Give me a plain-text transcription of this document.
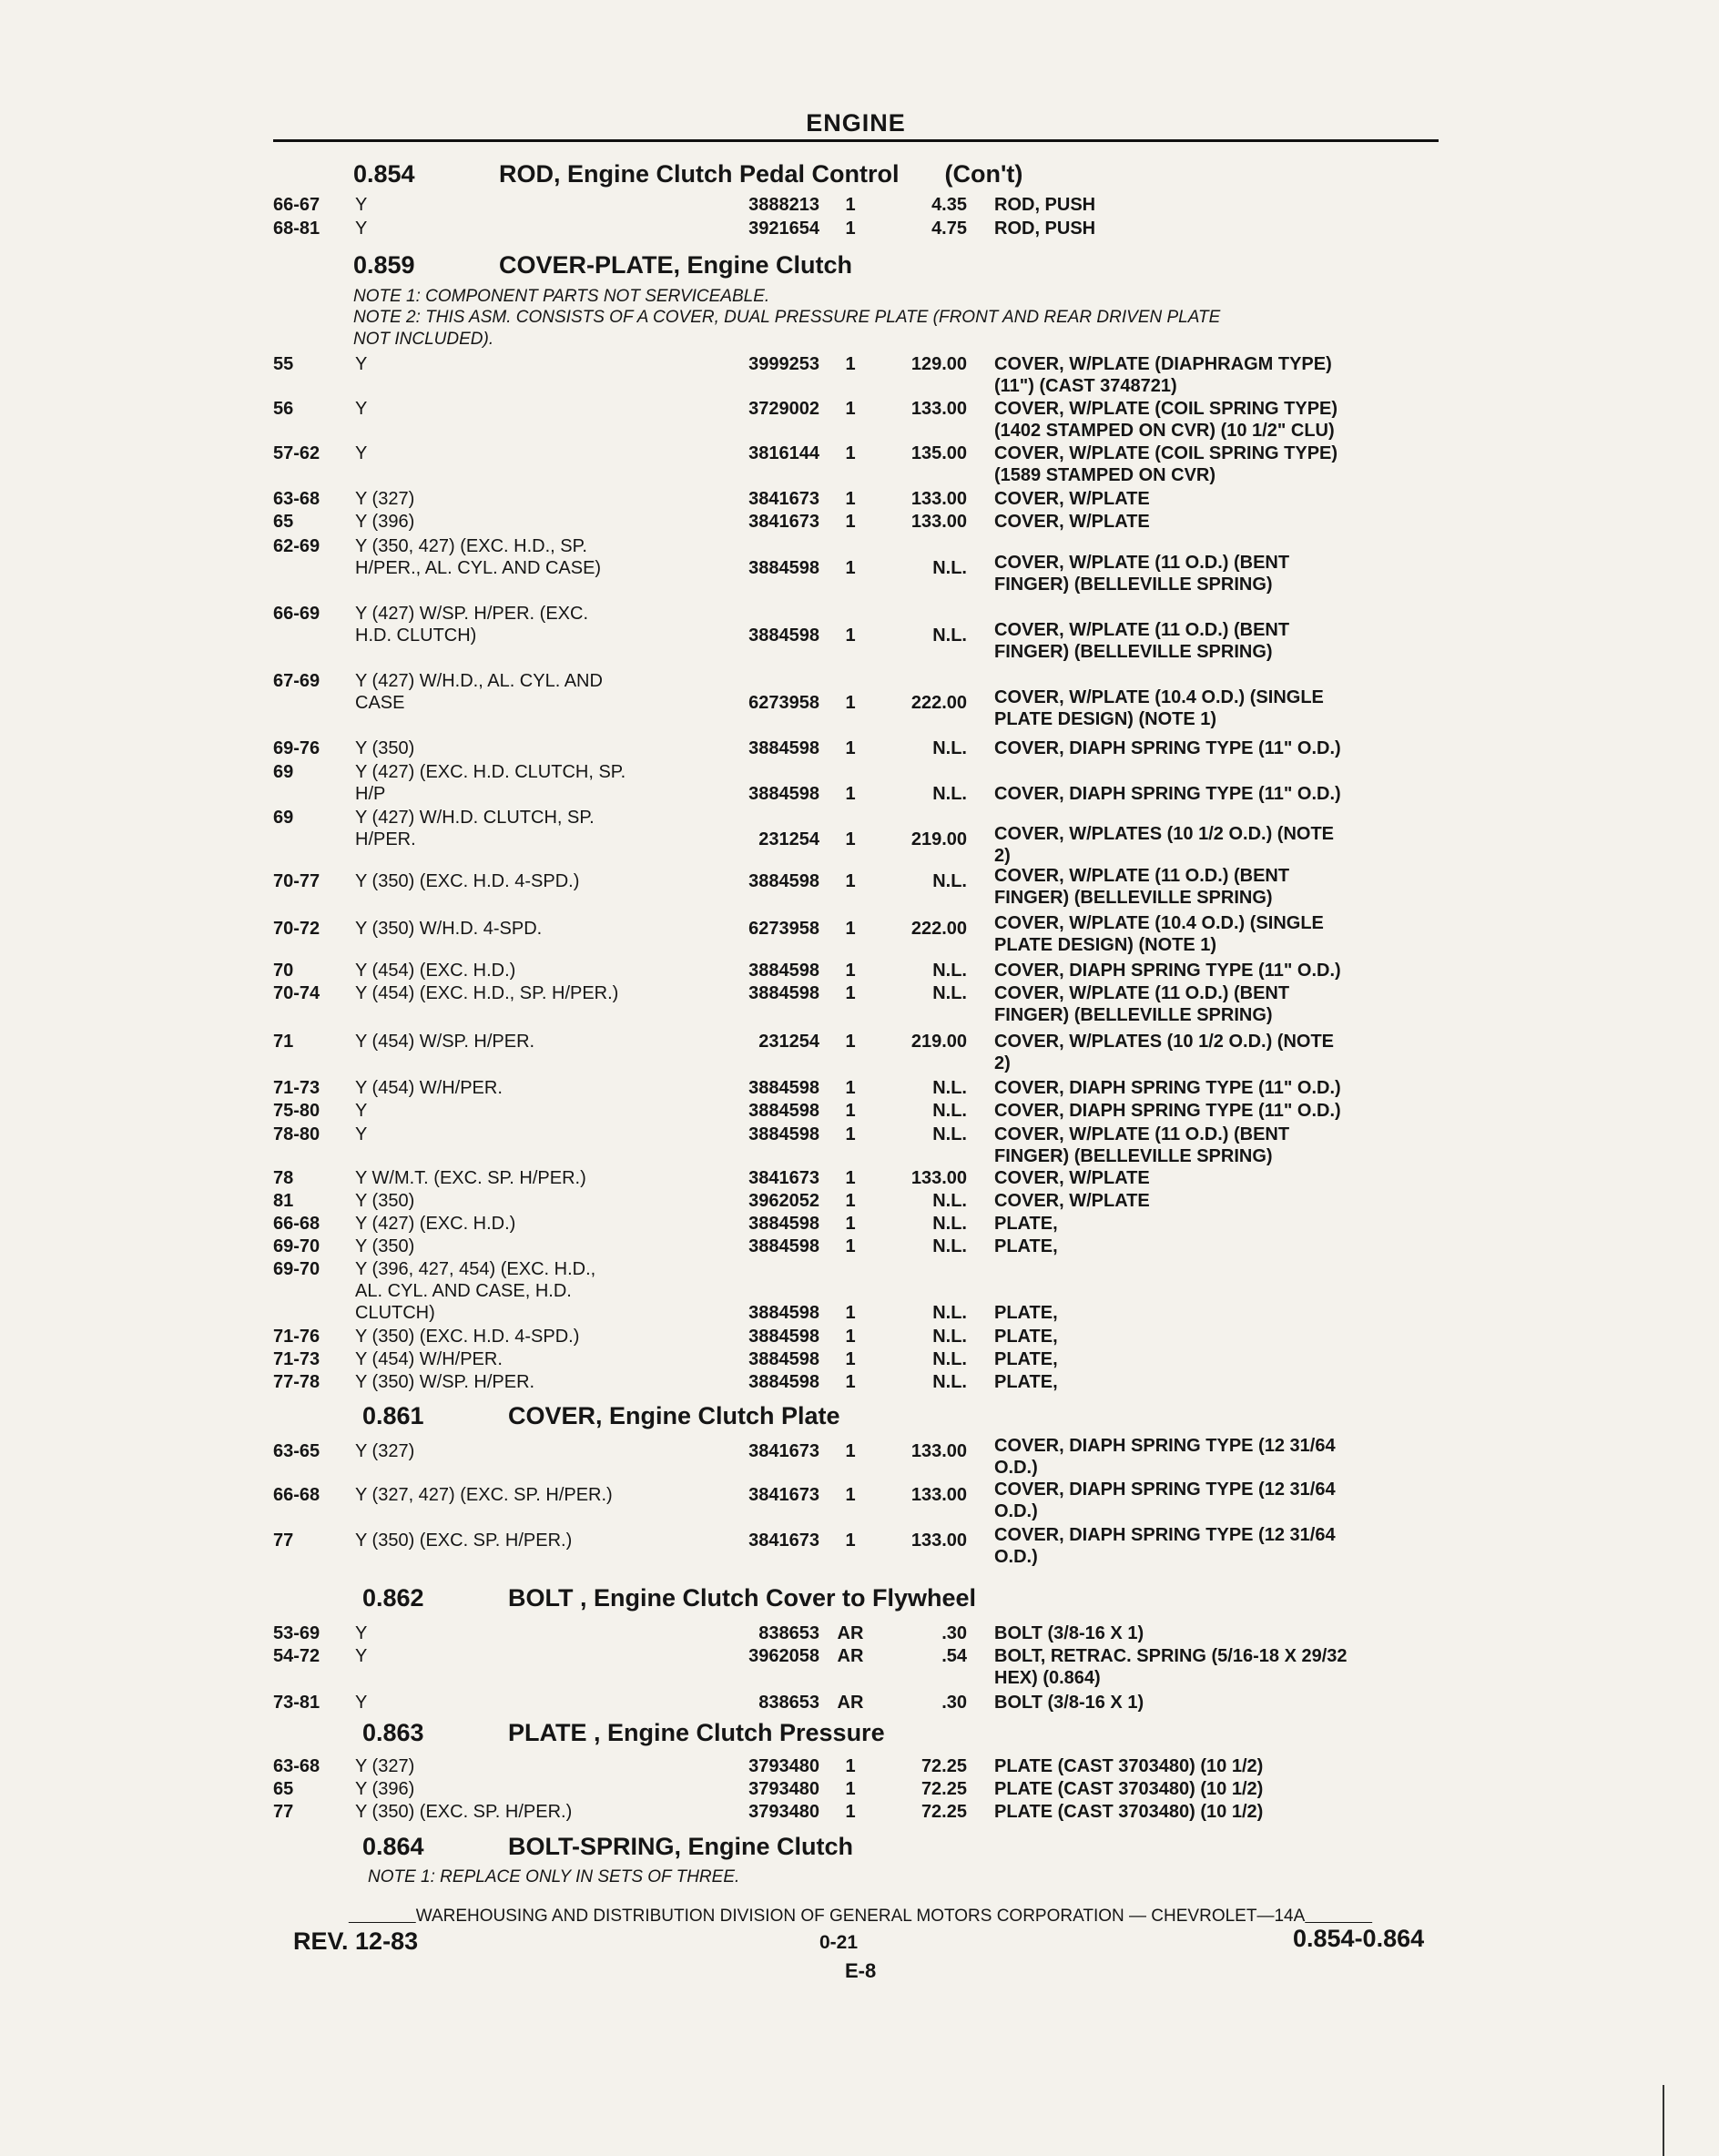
ENGINE
0.854	ROD, Engine Clutch Pedal Control (Con't)
66-67	Y	3888213	1	4.35 ROD, PUSH
68-81	Y	3921654	1	4.75 ROD, PUSH
0.859	COVER-PLATE, Engine Clutch
NOTE 1: COMPONENT PARTS NOT SERVICEABLE.
NOTE 2: THIS ASM. CONSISTS OF A COVER, DUAL PRESSURE PLATE (FRONT AND REAR DRIVEN PLATE
NOT INCLUDED).
55	Y	3999253	1	129.00 COVER, W/PLATE (DIAPHRAGM TYPE)
(11") (CAST 3748721)
56	Y	3729002	1	133.00 COVER, W/PLATE (COIL SPRING TYPE)
(1402 STAMPED ON CVR) (10 1/2" CLU)
57-62	Y	3816144	1	135.00 COVER, W/PLATE (COIL SPRING TYPE)
(1589 STAMPED ON CVR)
63-68	Y (327)	3841673	1	133.00 COVER, W/PLATE
65	Y (396)	3841673	1	133.00 COVER, W/PLATE
62-69	Y (350, 427) (EXC. H.D., SP.
H/PER., AL. CYL. AND CASE)	3884598	1	N.L. COVER, W/PLATE (11 O.D.) (BENT
FINGER) (BELLEVILLE SPRING)
66-69	Y (427) W/SP. H/PER. (EXC.
H.D. CLUTCH)	3884598	1	N.L. COVER, W/PLATE (11 O.D.) (BENT
FINGER) (BELLEVILLE SPRING)
67-69	Y (427) W/H.D., AL. CYL. AND
CASE	6273958	1	222.00 COVER, W/PLATE (10.4 O.D.) (SINGLE
PLATE DESIGN) (NOTE 1)
69-76	Y (350)	3884598	1	N.L. COVER, DIAPH SPRING TYPE (11" O.D.)
69	Y (427) (EXC. H.D. CLUTCH, SP.
H/P	3884598	1	N.L. COVER, DIAPH SPRING TYPE (11" O.D.)
69	Y (427) W/H.D. CLUTCH, SP.
H/PER.	231254	1	219.00 COVER, W/PLATES (10 1/2 O.D.) (NOTE
2)
70-77	Y (350) (EXC. H.D. 4-SPD.)	3884598	1	N.L. COVER, W/PLATE (11 O.D.) (BENT
FINGER) (BELLEVILLE SPRING)
70-72	Y (350) W/H.D. 4-SPD.	6273958	1	222.00 COVER, W/PLATE (10.4 O.D.) (SINGLE
PLATE DESIGN) (NOTE 1)
70	Y (454) (EXC. H.D.)	3884598	1	N.L. COVER, DIAPH SPRING TYPE (11" O.D.)
70-74	Y (454) (EXC. H.D., SP. H/PER.)	3884598	1	N.L. COVER, W/PLATE (11 O.D.) (BENT
FINGER) (BELLEVILLE SPRING)
71	Y (454) W/SP. H/PER.	231254	1	219.00 COVER, W/PLATES (10 1/2 O.D.) (NOTE
2)
71-73	Y (454) W/H/PER.	3884598	1	N.L. COVER, DIAPH SPRING TYPE (11" O.D.)
75-80	Y	3884598	1	N.L. COVER, DIAPH SPRING TYPE (11" O.D.)
78-80	Y	3884598	1	N.L. COVER, W/PLATE (11 O.D.) (BENT
FINGER) (BELLEVILLE SPRING)
78	Y W/M.T. (EXC. SP. H/PER.)	3841673	1	133.00 COVER, W/PLATE
81	Y (350)	3962052	1	N.L. COVER, W/PLATE
66-68	Y (427) (EXC. H.D.)	3884598	1	N.L. PLATE,
69-70	Y (350)	3884598	1	N.L. PLATE,
69-70	Y (396, 427, 454) (EXC. H.D.,
AL. CYL. AND CASE, H.D.
CLUTCH)	3884598	1	N.L. PLATE,
71-76	Y (350) (EXC. H.D. 4-SPD.)	3884598	1	N.L. PLATE,
71-73	Y (454) W/H/PER.	3884598	1	N.L. PLATE,
77-78	Y (350) W/SP. H/PER.	3884598	1	N.L. PLATE,
0.861	COVER, Engine Clutch Plate
63-65	Y (327)	3841673	1	133.00 COVER, DIAPH SPRING TYPE (12 31/64
O.D.)
66-68	Y (327, 427) (EXC. SP. H/PER.)	3841673	1	133.00 COVER, DIAPH SPRING TYPE (12 31/64
O.D.)
77	Y (350) (EXC. SP. H/PER.)	3841673	1	133.00 COVER, DIAPH SPRING TYPE (12 31/64
O.D.)
0.862	BOLT , Engine Clutch Cover to Flywheel
53-69	Y	838653 AR	.30 BOLT (3/8-16 X 1)
54-72	Y	3962058 AR	.54 BOLT, RETRAC. SPRING (5/16-18 X 29/32
HEX) (0.864)
73-81	Y	838653 AR	.30 BOLT (3/8-16 X 1)
0.863	PLATE , Engine Clutch Pressure
63-68	Y (327)	3793480	1	72.25 PLATE (CAST 3703480) (10 1/2)
65	Y (396)	3793480	1	72.25 PLATE (CAST 3703480) (10 1/2)
77	Y (350) (EXC. SP. H/PER.)	3793480	1	72.25 PLATE (CAST 3703480) (10 1/2)
0.864	BOLT-SPRING, Engine Clutch
NOTE 1: REPLACE ONLY IN SETS OF THREE.
WAREHOUSING AND DISTRIBUTION DIVISION OF GENERAL MOTORS CORPORATION — CHEVROLET—14A
REV. 12-83	0-21	0.854-0.864
E-8
